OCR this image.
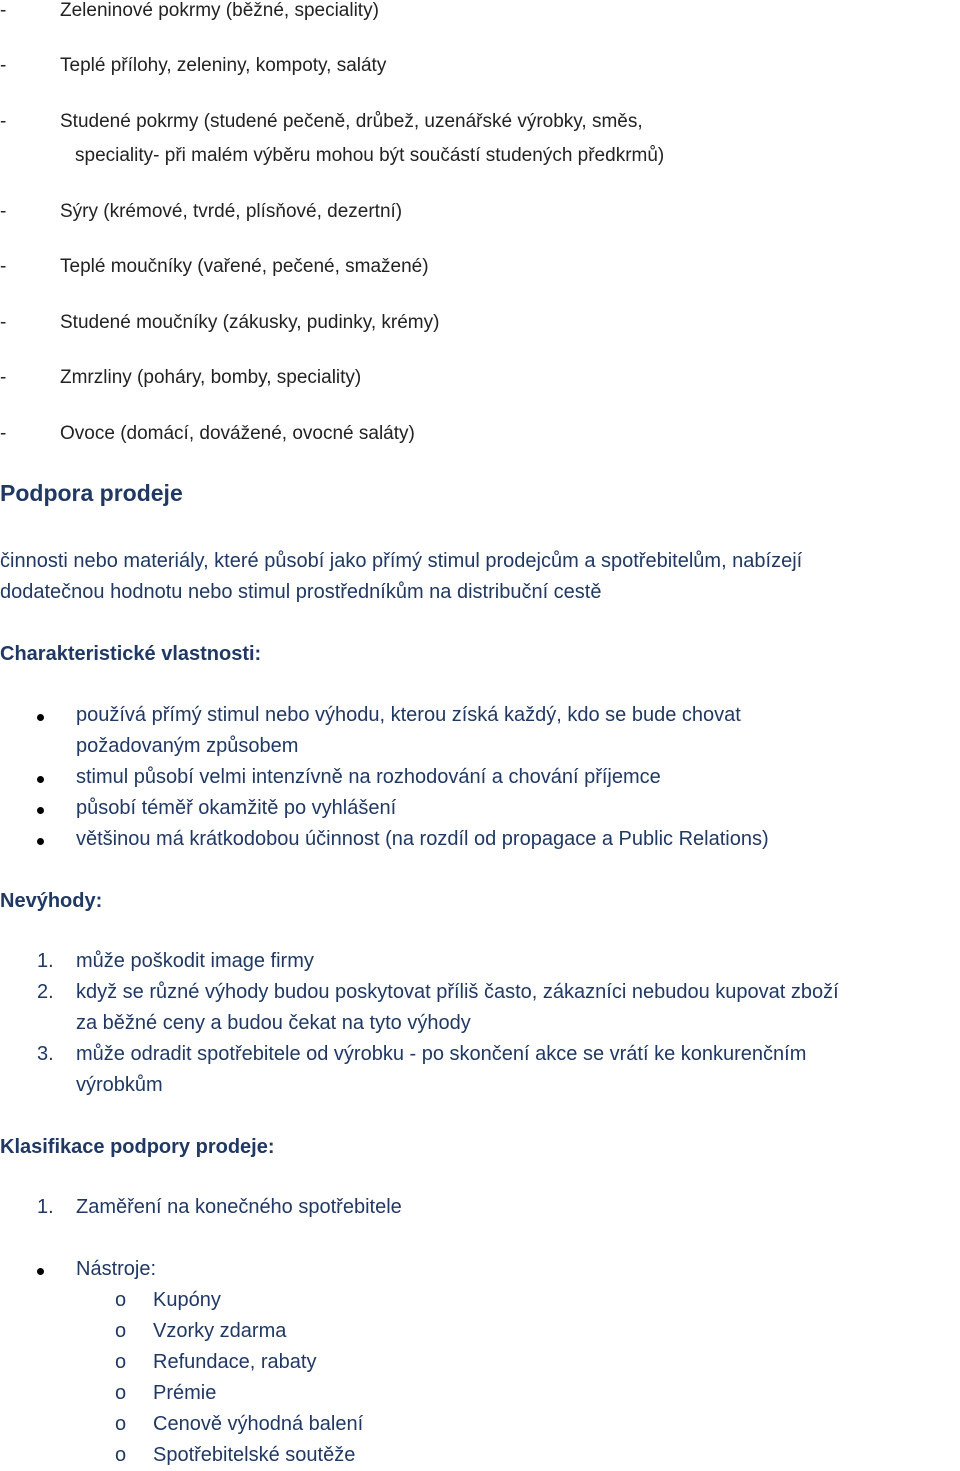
-	Zeleninové pokrmy (běžné, speciality)
-	Teplé přílohy, zeleniny, kompoty, saláty
-	Studené pokrmy (studené pečeně, drůbež, uzenářské výrobky, směs,
speciality- při malém výběru mohou být součástí studených předkrmů)
-	Sýry (krémové, tvrdé, plísňové, dezertní)
-	Teplé moučníky (vařené, pečené, smažené)
-	Studené moučníky (zákusky, pudinky, krémy)
-	Zmrzliny (poháry, bomby, speciality)
-	Ovoce (domácí, dovážené, ovocné saláty)
Podpora prodeje
činnosti nebo materiály, které působí jako přímý stimul prodejcům a spotřebitelům, nabízejí
dodatečnou hodnotu nebo stimul prostředníkům na distribuční cestě
Charakteristické vlastnosti:
používá přímý stimul nebo výhodu, kterou získá každý, kdo se bude chovat
požadovaným způsobem
stimul působí velmi intenzívně na rozhodování a chování příjemce
působí téměř okamžitě po vyhlášení
většinou má krátkodobou účinnost (na rozdíl od propagace a Public Relations)
Nevýhody:
1. může poškodit image firmy
2. když se různé výhody budou poskytovat příliš často, zákazníci nebudou kupovat zboží
za běžné ceny a budou čekat na tyto výhody
3. může odradit spotřebitele od výrobku - po skončení akce se vrátí ke konkurenčním
výrobkům
Klasifikace podpory prodeje:
1. Zaměření na konečného spotřebitele
Nástroje:
o Kupóny
o Vzorky zdarma
o Refundace, rabaty
o Prémie
o Cenově výhodná balení
o Spotřebitelské soutěže
